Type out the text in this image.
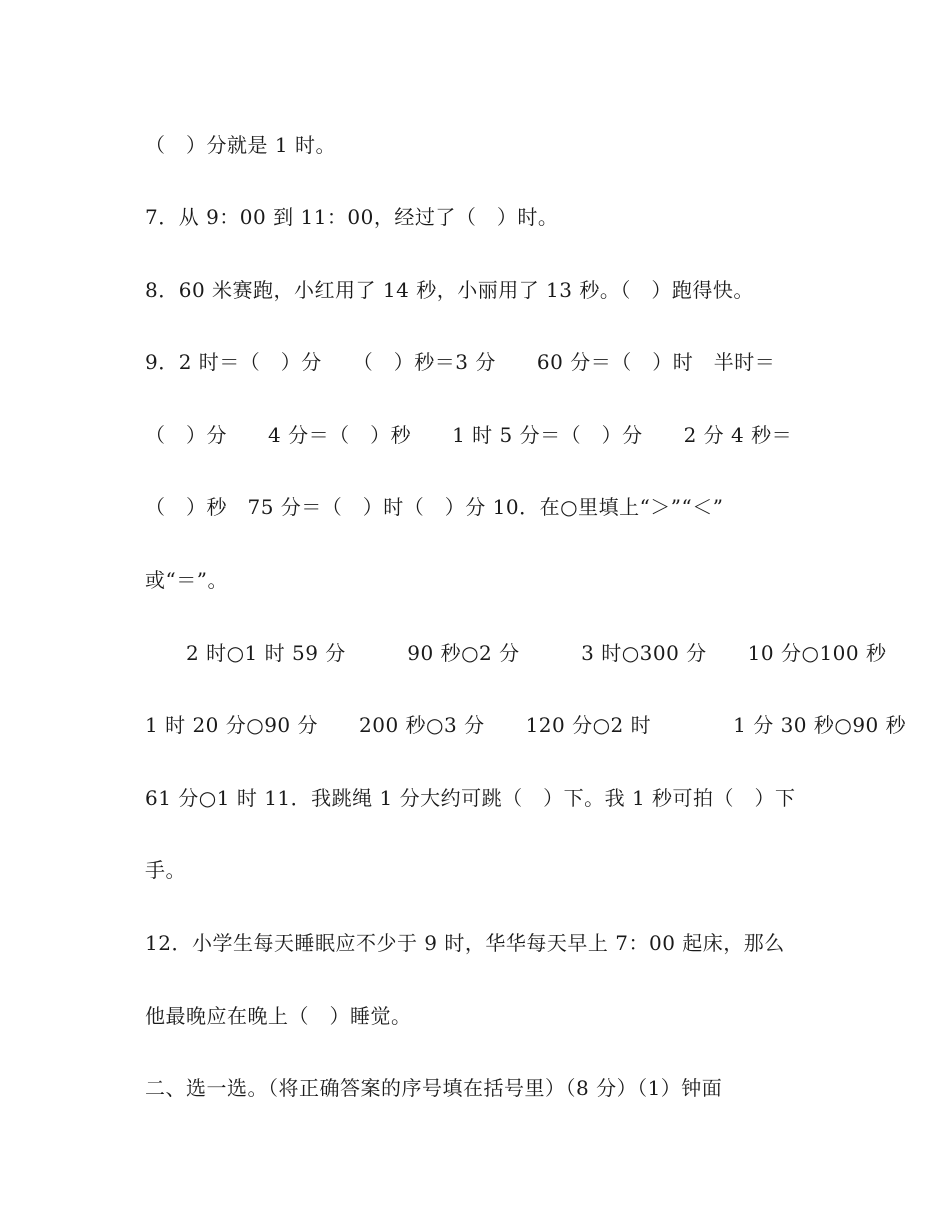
（　）分就是 1 时。
7．从 9：00 到 11：00，经过了（　）时。
8．60 米赛跑，小红用了 14 秒，小丽用了 13 秒。（　）跑得快。
9．2 时＝（　）分　　（　）秒＝3 分　　60 分＝（　）时　半时＝
（　）分　　4 分＝（　）秒　　1 时 5 分＝（　）分　　2 分 4 秒＝
（　）秒　75 分＝（　）时（　）分 10．在○里填上“＞”“＜”
或“＝”。
　　2 时○1 时 59 分　　　90 秒○2 分　　　3 时○300 分　　10 分○100 秒
1 时 20 分○90 分　　200 秒○3 分　　120 分○2 时　　　　1 分 30 秒○90 秒
61 分○1 时 11．我跳绳 1 分大约可跳（　）下。我 1 秒可拍（　）下
手。
12．小学生每天睡眠应不少于 9 时，华华每天早上 7：00 起床，那么
他最晚应在晚上（　）睡觉。
二、选一选。（将正确答案的序号填在括号里）（8 分）（1）钟面
